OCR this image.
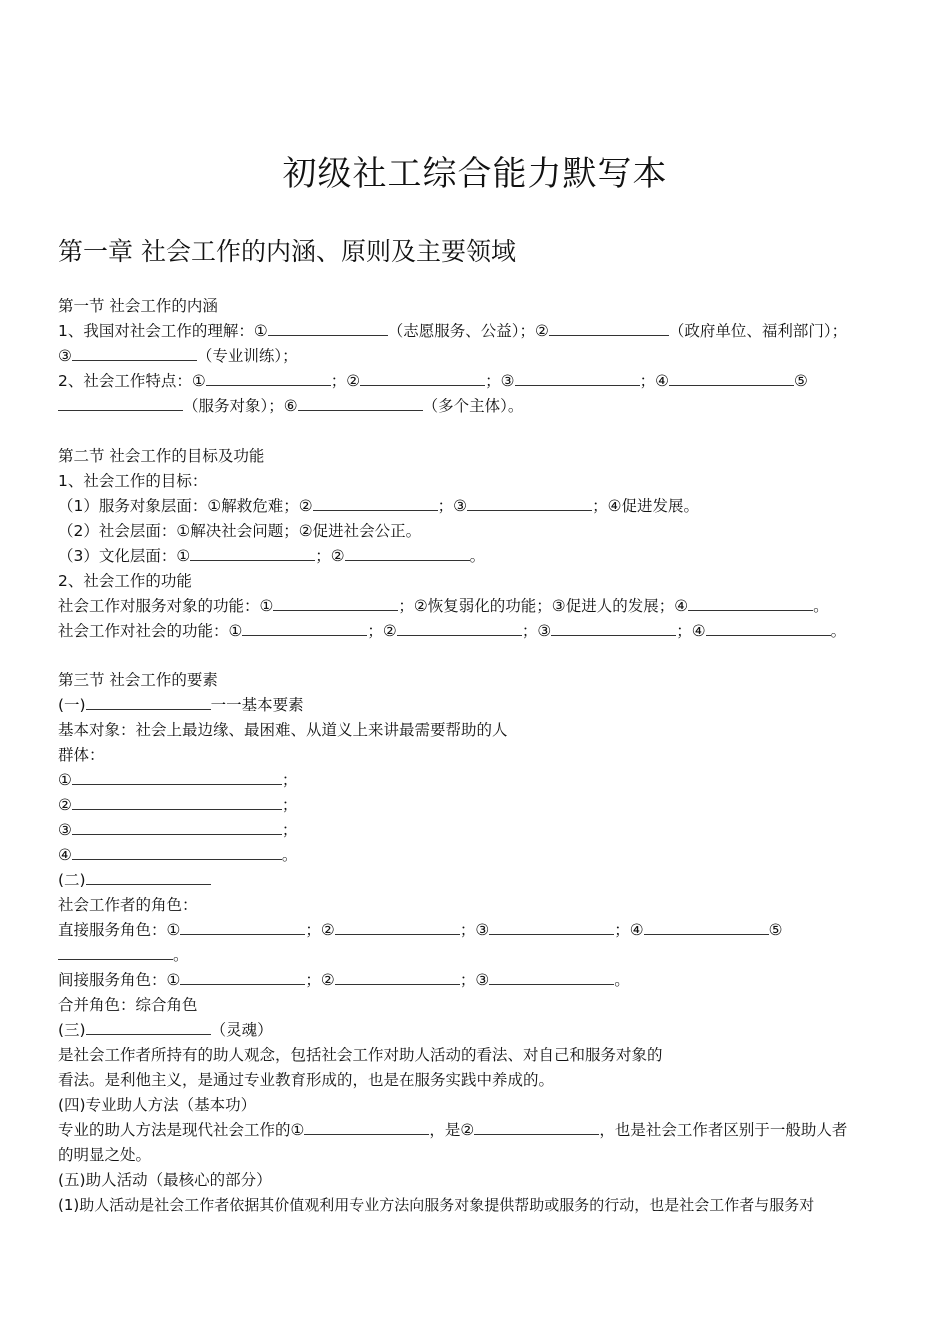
初级社工综合能力默写本
第一章 社会工作的内涵、原则及主要领域
第一节 社会工作的内涵
1、我国对社会工作的理解：①	（志愿服务、公益）；②	（政府单位、福利部门）；
③	（专业训练）；
2、社会工作特点：①	；②	；③	；④	⑤
（服务对象）；⑥	（多个主体）。
第二节 社会工作的目标及功能
1、社会工作的目标：
（1）服务对象层面：①解救危难；②	；③	；④促进发展。
（2）社会层面：①解决社会问题；②促进社会公正。
（3）文化层面：①	；②	。
2、社会工作的功能
社会工作对服务对象的功能：①	；②恢复弱化的功能；③促进人的发展；④	。
社会工作对社会的功能：①	；②	；③	；④	。
第三节 社会工作的要素
(一)	一一基本要素
基本对象：社会上最边缘、最困难、从道义上来讲最需要帮助的人
群体：
①	；
②	；
③	；
④	。
(二)
社会工作者的角色：
直接服务角色：①	；②	；③	；④	⑤
。
间接服务角色：①	；②	；③	。
合并角色：综合角色
(三)	（灵魂）
是社会工作者所持有的助人观念，包括社会工作对助人活动的看法、对自己和服务对象的
看法。是利他主义，是通过专业教育形成的，也是在服务实践中养成的。
(四)专业助人方法（基本功）
专业的助人方法是现代社会工作的①	，是②	，也是社会工作者区别于一般助人者
的明显之处。
(五)助人活动（最核心的部分）
(1)助人活动是社会工作者依据其价值观利用专业方法向服务对象提供帮助或服务的行动，也是社会工作者与服务对
